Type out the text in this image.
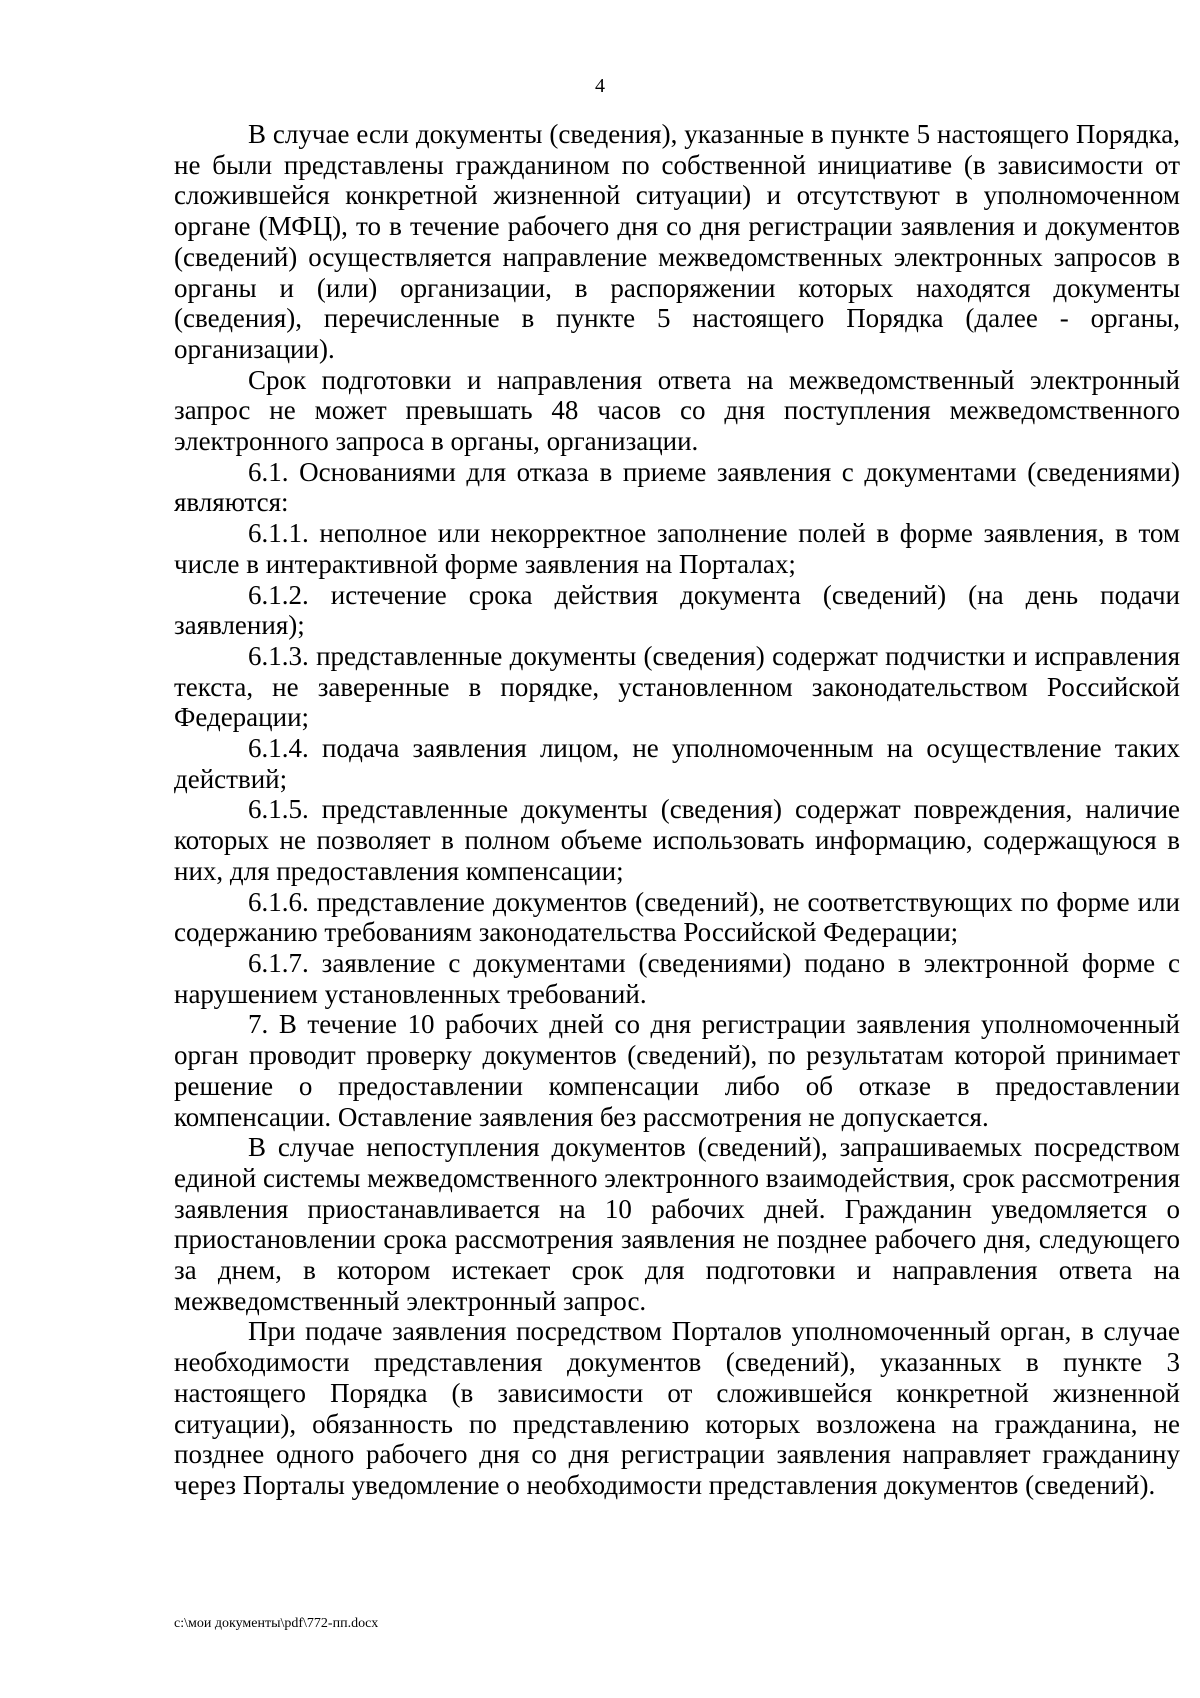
4

В случае если документы (сведения), указанные в пункте 5 настоящего Порядка, не были представлены гражданином по собственной инициативе (в зависимости от сложившейся конкретной жизненной ситуации) и отсутствуют в уполномоченном органе (МФЦ), то в течение рабочего дня со дня регистрации заявления и документов (сведений) осуществляется направление межведомственных электронных запросов в органы и (или) организации, в распоряжении которых находятся документы (сведения), перечисленные в пункте 5 настоящего Порядка (далее - органы, организации).

Срок подготовки и направления ответа на межведомственный электронный запрос не может превышать 48 часов со дня поступления межведомственного электронного запроса в органы, организации.

6.1. Основаниями для отказа в приеме заявления с документами (сведениями) являются:

6.1.1. неполное или некорректное заполнение полей в форме заявления, в том числе в интерактивной форме заявления на Порталах;

6.1.2. истечение срока действия документа (сведений) (на день подачи заявления);

6.1.3. представленные документы (сведения) содержат подчистки и исправления текста, не заверенные в порядке, установленном законодательством Российской Федерации;

6.1.4. подача заявления лицом, не уполномоченным на осуществление таких действий;

6.1.5. представленные документы (сведения) содержат повреждения, наличие которых не позволяет в полном объеме использовать информацию, содержащуюся в них, для предоставления компенсации;

6.1.6. представление документов (сведений), не соответствующих по форме или содержанию требованиям законодательства Российской Федерации;

6.1.7. заявление с документами (сведениями) подано в электронной форме с нарушением установленных требований.

7. В течение 10 рабочих дней со дня регистрации заявления уполномоченный орган проводит проверку документов (сведений), по результатам которой принимает решение о предоставлении компенсации либо об отказе в предоставлении компенсации. Оставление заявления без рассмотрения не допускается.

В случае непоступления документов (сведений), запрашиваемых посредством единой системы межведомственного электронного взаимодействия, срок рассмотрения заявления приостанавливается на 10 рабочих дней. Гражданин уведомляется о приостановлении срока рассмотрения заявления не позднее рабочего дня, следующего за днем, в котором истекает срок для подготовки и направления ответа на межведомственный электронный запрос.

При подаче заявления посредством Порталов уполномоченный орган, в случае необходимости представления документов (сведений), указанных в пункте 3 настоящего Порядка (в зависимости от сложившейся конкретной жизненной ситуации), обязанность по представлению которых возложена на гражданина, не позднее одного рабочего дня со дня регистрации заявления направляет гражданину через Порталы уведомление о необходимости представления документов (сведений).

c:\мои документы\pdf\772-пп.docx
